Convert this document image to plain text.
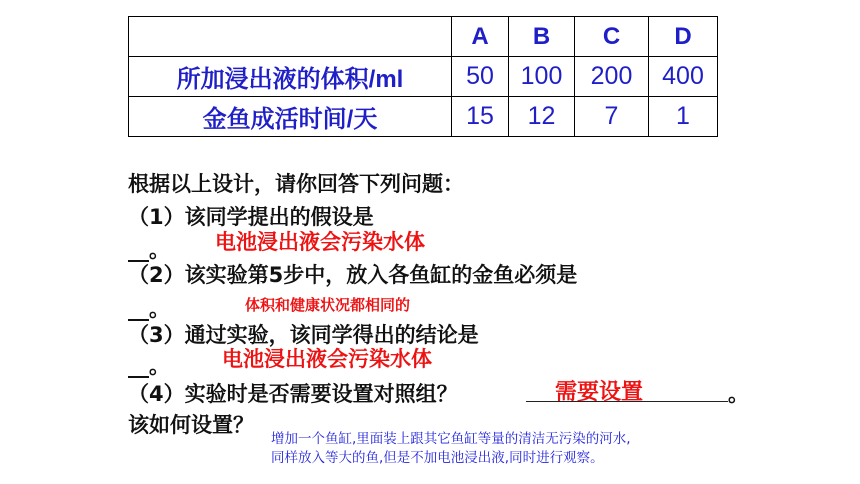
	A	B	C	D
所加浸出液的体积/ml	50	100	200	400
金鱼成活时间/天	15	12	7	1
根据以上设计，请你回答下列问题：
（1）该同学提出的假设是
__。 电池浸出液会污染水体
（2）该实验第5步中，放入各鱼缸的金鱼必须是
__。	体积和健康状况都相同的
（3）通过实验，该同学得出的结论是
__。 电池浸出液会污染水体
（4）实验时是否需要设置对照组？	需要设置	。
该如何设置？
增加一个鱼缸,里面装上跟其它鱼缸等量的清洁无污染的河水,
同样放入等大的鱼,但是不加电池浸出液,同时进行观察。
